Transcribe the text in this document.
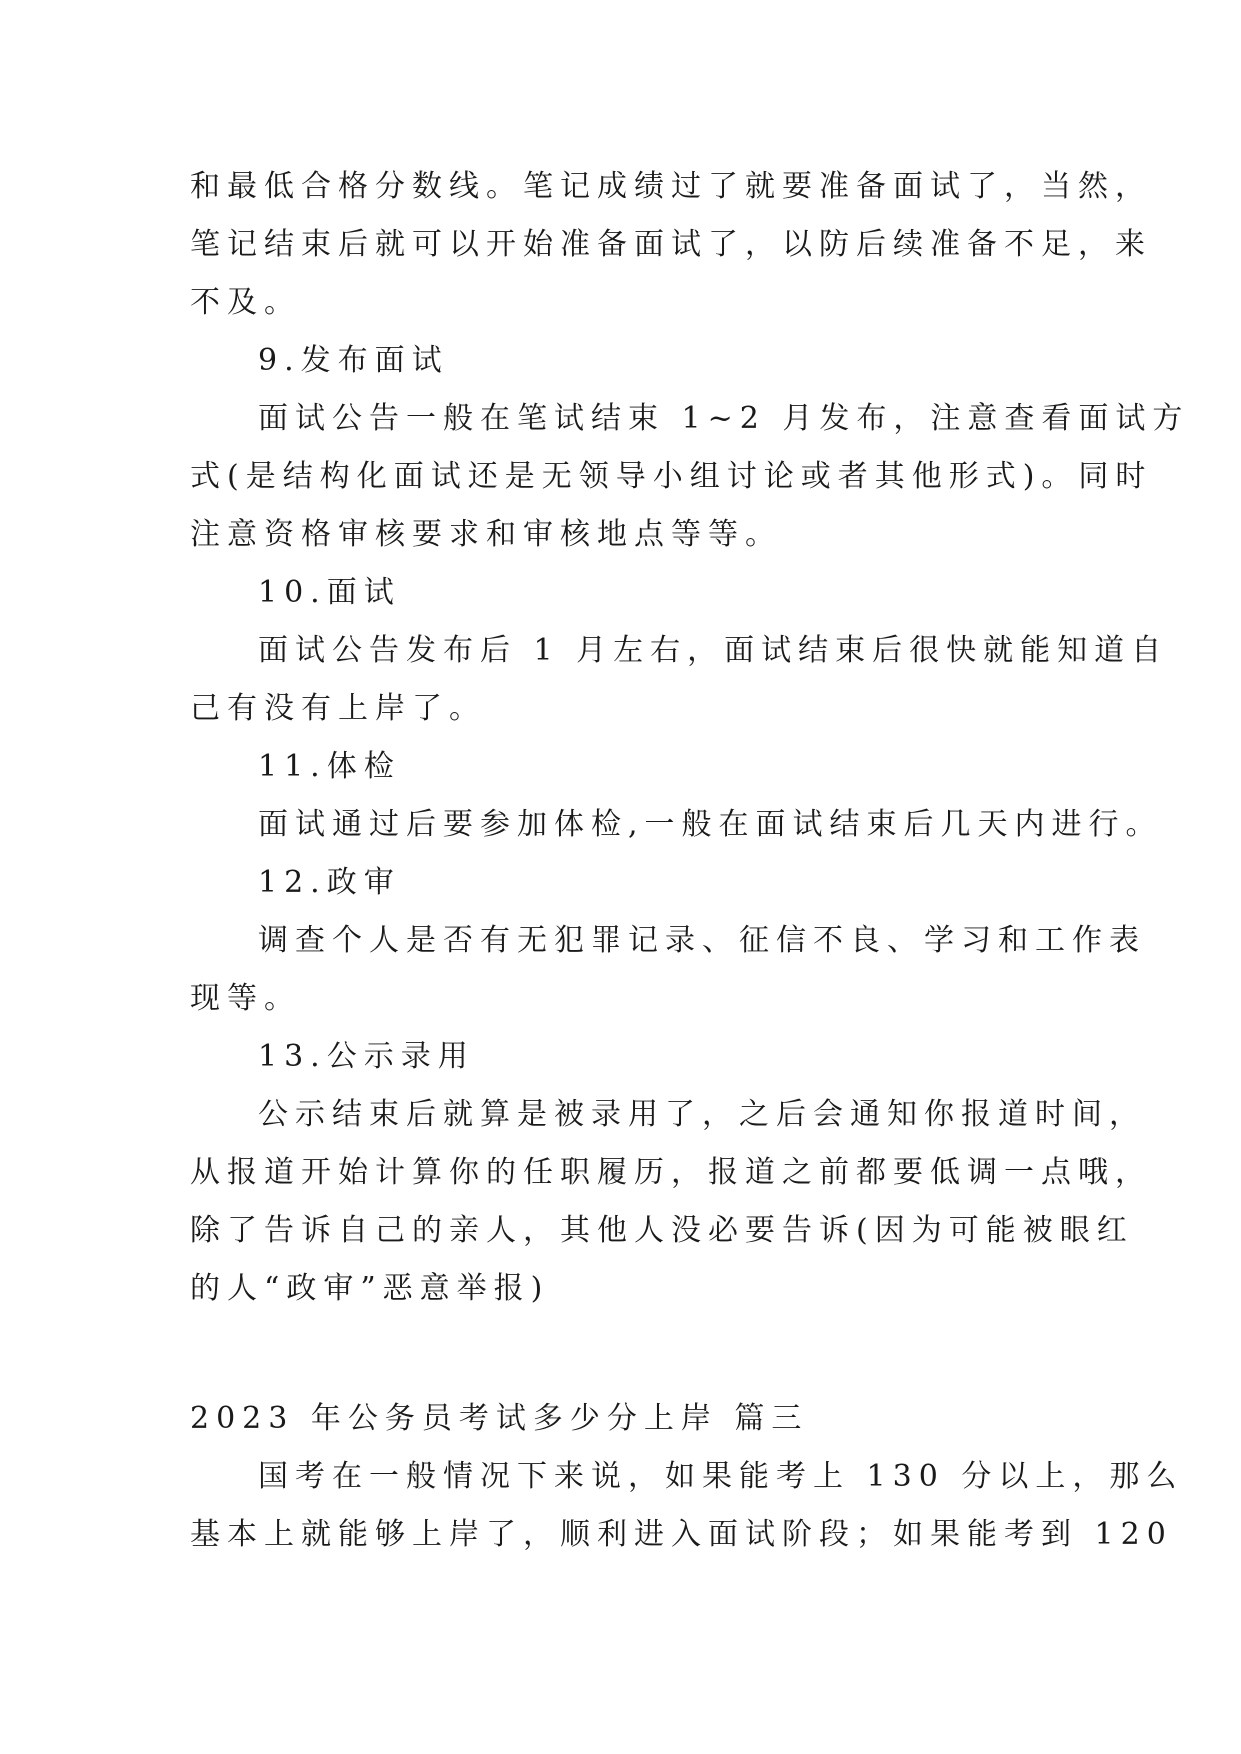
和最低合格分数线。笔记成绩过了就要准备面试了，当然，
笔记结束后就可以开始准备面试了，以防后续准备不足，来
不及。
9.发布面试
面试公告一般在笔试结束 1~2 月发布，注意查看面试方
式(是结构化面试还是无领导小组讨论或者其他形式)。同时
注意资格审核要求和审核地点等等。
10.面试
面试公告发布后 1 月左右，面试结束后很快就能知道自
己有没有上岸了。
11.体检
面试通过后要参加体检,一般在面试结束后几天内进行。
12.政审
调查个人是否有无犯罪记录、征信不良、学习和工作表
现等。
13.公示录用
公示结束后就算是被录用了，之后会通知你报道时间，
从报道开始计算你的任职履历，报道之前都要低调一点哦，
除了告诉自己的亲人，其他人没必要告诉(因为可能被眼红
的人“政审”恶意举报)
2023 年公务员考试多少分上岸 篇三
国考在一般情况下来说，如果能考上 130 分以上，那么
基本上就能够上岸了，顺利进入面试阶段；如果能考到 120
